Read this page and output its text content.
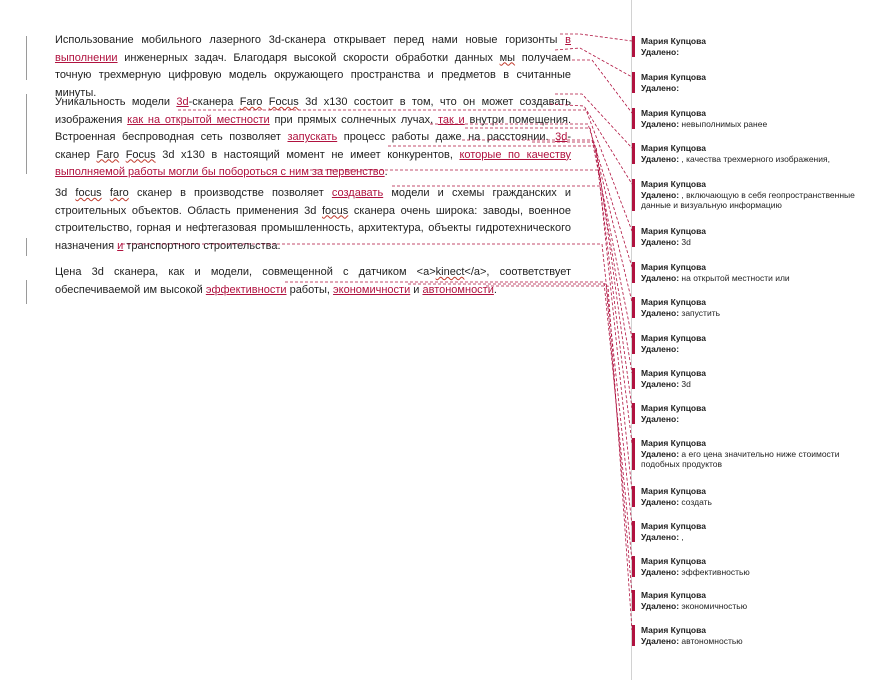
Использование мобильного лазерного 3d-сканера открывает перед нами новые горизонты в выполнении инженерных задач. Благодаря высокой скорости обработки данных мы получаем точную трехмерную цифровую модель окружающего пространства и предметов в считанные минуты.

Уникальность модели 3d-сканера Faro Focus 3d x130 состоит в том, что он может создавать изображения как на открытой местности при прямых солнечных лучах, так и внутри помещения. Встроенная беспроводная сеть позволяет запускать процесс работы даже на расстоянии. 3d-сканер Faro Focus 3d x130 в настоящий момент не имеет конкурентов, которые по качеству выполняемой работы могли бы побороться с ним за первенство.

3d focus faro сканер в производстве позволяет создавать модели и схемы гражданских и строительных объектов. Область применения 3d focus сканера очень широка: заводы, военное строительство, горная и нефтегазовая промышленность, архитектура, объекты гидротехнического назначения и транспортного строительства.

Цена 3d сканера, как и модели, совмещенной с датчиком <a>kinect</a>, соответствует обеспечиваемой им высокой эффективности работы, экономичности и автономности.

Мария Купцова
Удалено:
Мария Купцова
Удалено:
Мария Купцова
Удалено: невыполнимых ранее
Мария Купцова
Удалено: , качества трехмерного изображения,
Мария Купцова
Удалено: , включающую в себя геопространственные данные и визуальную информацию
Мария Купцова
Удалено: 3d
Мария Купцова
Удалено: на открытой местности или
Мария Купцова
Удалено: запустить
Мария Купцова
Удалено:
Мария Купцова
Удалено: 3d
Мария Купцова
Удалено:
Мария Купцова
Удалено: а его цена значительно ниже стоимости подобных продуктов
Мария Купцова
Удалено: создать
Мария Купцова
Удалено: ,
Мария Купцова
Удалено: эффективностью
Мария Купцова
Удалено: экономичностью
Мария Купцова
Удалено: автономностью
